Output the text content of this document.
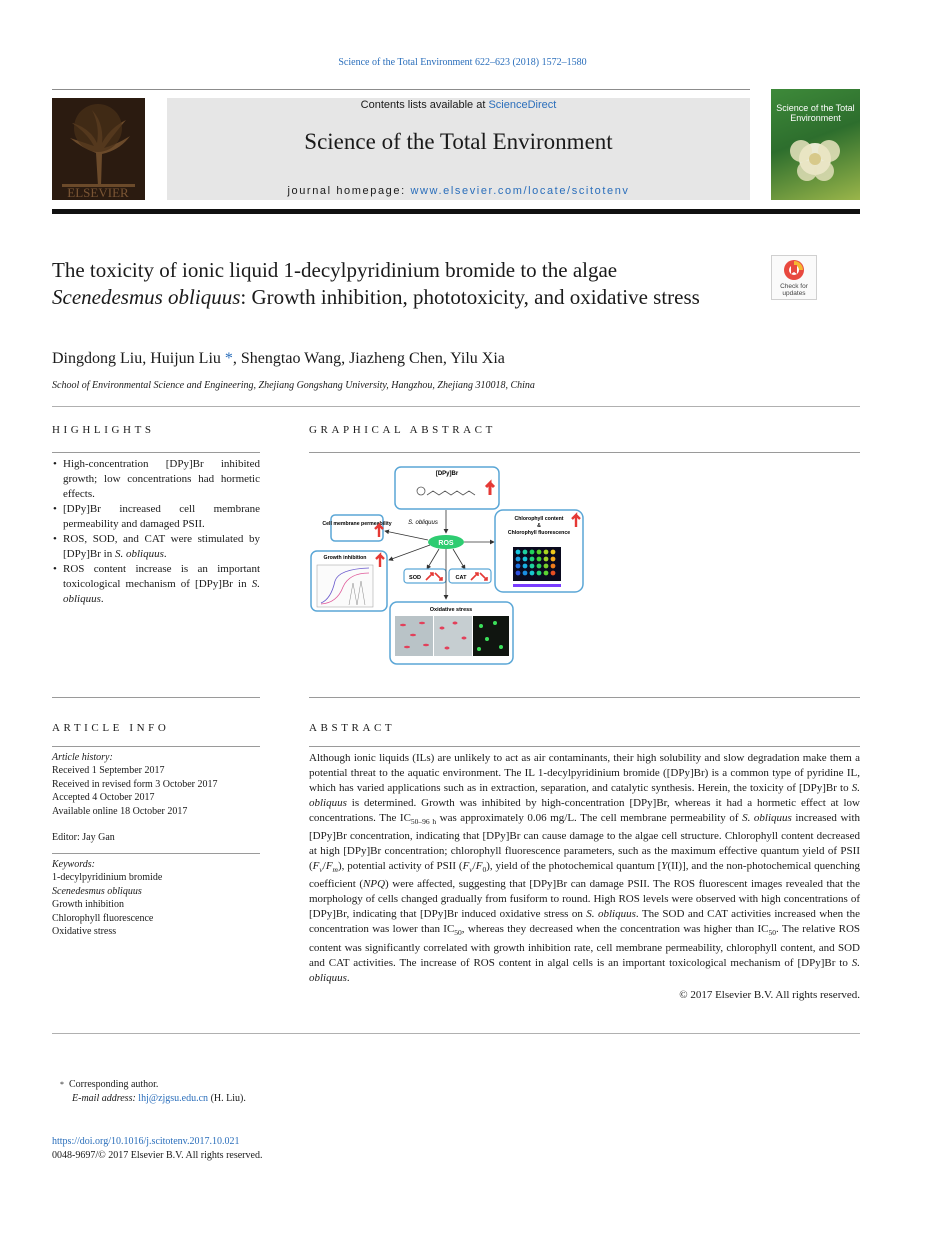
Science of the Total Environment 622–623 (2018) 1572–1580
ELSEVIER
Contents lists available at ScienceDirect
Science of the Total Environment
journal homepage: www.elsevier.com/locate/scitotenv
Science of the Total Environment
The toxicity of ionic liquid 1-decylpyridinium bromide to the algae
Scenedesmus obliquus: Growth inhibition, phototoxicity, and oxidative stress	Check for updates
Dingdong Liu, Huijun Liu *, Shengtao Wang, Jiazheng Chen, Yilu Xia
School of Environmental Science and Engineering, Zhejiang Gongshang University, Hangzhou, Zhejiang 310018, China
HIGHLIGHTS	GRAPHICAL ABSTRACT
• High-concentration [DPy]Br inhibited growth; low concentrations had hormetic effects.
• [DPy]Br increased cell membrane permeability and damaged PSII.
• ROS, SOD, and CAT were stimulated by [DPy]Br in S. obliquus.
• ROS content increase is an important toxicological mechanism of [DPy]Br in S. obliquus.
[DPy]Br
S. obliquus
Cell membrane permeability
ROS
Chlorophyll content
&
Chlorophyll fluorescence
Growth inhibition
SOD	CAT
Oxidative stress
ARTICLE INFO	ABSTRACT
Article history:
Received 1 September 2017
Received in revised form 3 October 2017
Accepted 4 October 2017
Available online 18 October 2017
Editor: Jay Gan
Keywords:
1-decylpyridinium bromide
Scenedesmus obliquus
Growth inhibition
Chlorophyll fluorescence
Oxidative stress
Although ionic liquids (ILs) are unlikely to act as air contaminants, their high solubility and slow degradation make them a potential threat to the aquatic environment. The IL 1-decylpyridinium bromide ([DPy]Br) is a common type of pyridine IL, which has varied applications such as in extraction, separation, and catalytic synthesis. Herein, the toxicity of [DPy]Br to S. obliquus is determined. Growth was inhibited by high-concentration [DPy]Br, whereas it had a hormetic effect at low concentrations. The $IC_{50-96 h}$ was approximately 0.06 mg/L. The cell membrane permeability of S. obliquus increased with [DPy]Br concentration, indicating that [DPy]Br can cause damage to the algae cell structure. Chlorophyll content decreased at high [DPy]Br concentration; chlorophyll fluorescence parameters, such as the maximum effective quantum yield of PSII $(F_v/F_m)$, potential activity of PSII $(F_v/F_0)$, yield of the photochemical quantum [Y(II)], and the non-photochemical quenching coefficient (NPQ) were affected, suggesting that [DPy]Br can damage PSII. The ROS fluorescent images revealed that the morphology of cells changed gradually from fusiform to round. High ROS levels were observed with high concentrations of [DPy]Br, indicating that [DPy]Br induced oxidative stress on S. obliquus. The SOD and CAT activities increased when the concentration was lower than $IC_{50}$, whereas they decreased when the concentration was higher than $IC_{50}$. The relative ROS content was significantly correlated with growth inhibition rate, cell membrane permeability, chlorophyll content, and SOD and CAT activities. The increase of ROS content in algal cells is an important toxicological mechanism of [DPy]Br to S. obliquus.
© 2017 Elsevier B.V. All rights reserved.
* Corresponding author.
E-mail address: lhj@zjgsu.edu.cn (H. Liu).
https://doi.org/10.1016/j.scitotenv.2017.10.021
0048-9697/© 2017 Elsevier B.V. All rights reserved.
